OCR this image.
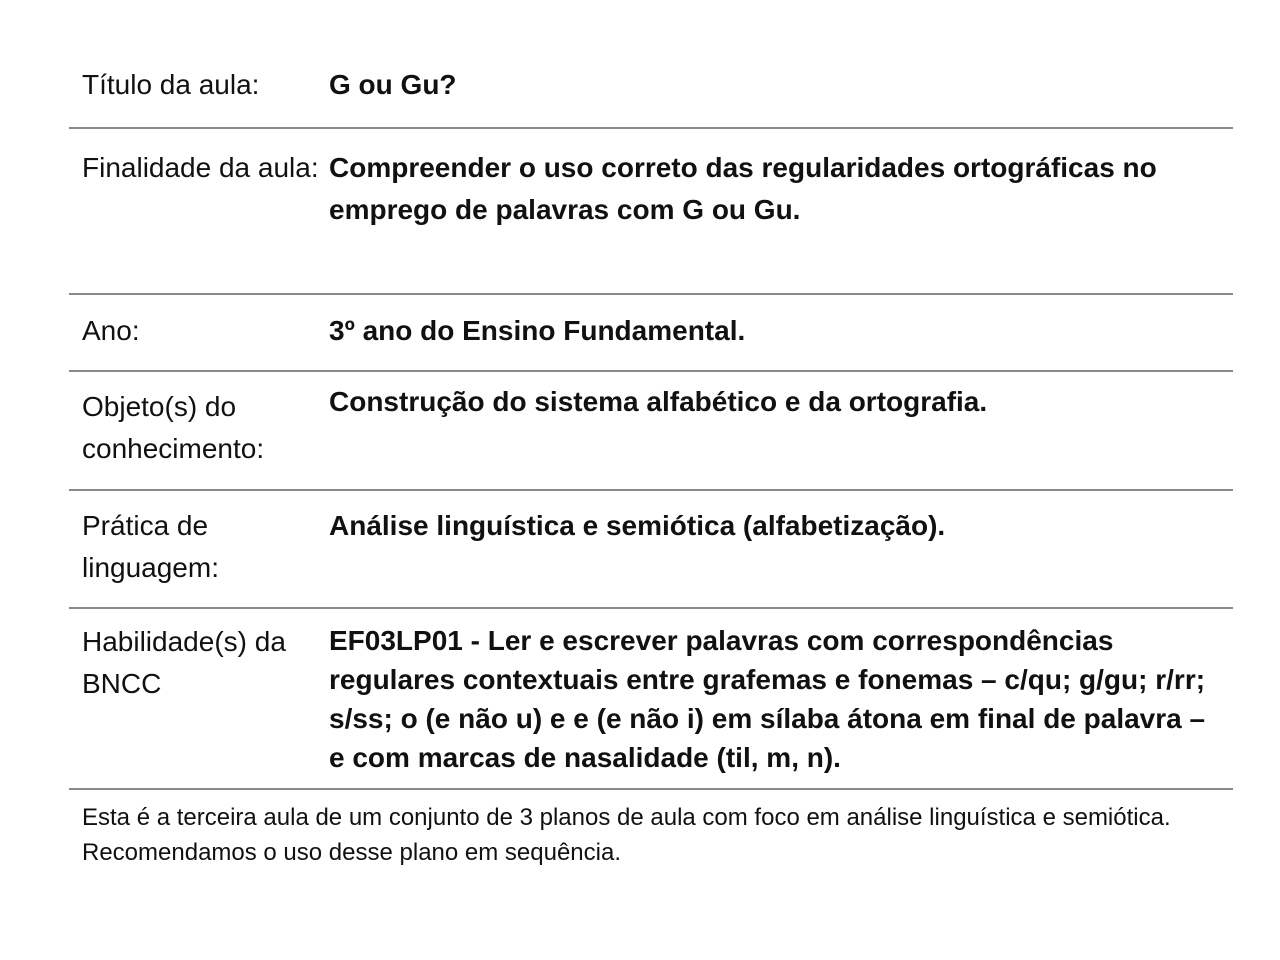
Título da aula:	G ou Gu?
Finalidade da aula: Compreender o uso correto das regularidades ortográficas no emprego de palavras com G ou Gu.
Ano:	3º ano do Ensino Fundamental.
Objeto(s) do conhecimento:
Construção do sistema alfabético e da ortografia.
Prática de linguagem:
Análise linguística e semiótica (alfabetização).
Habilidade(s) da BNCC
EF03LP01 - Ler e escrever palavras com correspondências regulares contextuais entre grafemas e fonemas – c/qu; g/gu; r/rr; s/ss; o (e não u) e e (e não i) em sílaba átona em final de palavra – e com marcas de nasalidade (til, m, n).
Esta é a terceira aula de um conjunto de 3 planos de aula com foco em análise linguística e semiótica. Recomendamos o uso desse plano em sequência.
